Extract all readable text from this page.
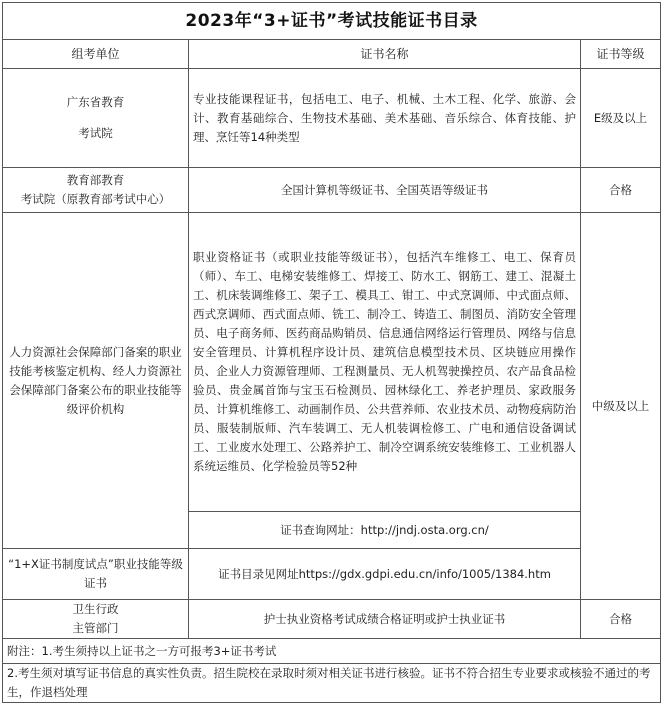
2023年“3+证书”考试技能证书目录		
组考单位	证书名称	证书等级

广东省教育
考试院	专业技能课程证书，包括电工、电子、机械、土木工程、化学、旅游、会计、教育基础综合、生物技术基础、美术基础、音乐综合、体育技能、护理、烹饪等14种类型	E级及以上

教育部教育
考试院（原教育部考试中心）	全国计算机等级证书、全国英语等级证书	合格
人力资源社会保障部门备案的职业技能考核鉴定机构、经人力资源社会保障部门备案公布的职业技能等级评价机构	职业资格证书（或职业技能等级证书），包括汽车维修工、电工、保育员（师）、车工、电梯安装维修工、焊接工、防水工、钢筋工、建工、混凝土工、机床装调维修工、架子工、模具工、钳工、中式烹调师、中式面点师、西式烹调师、西式面点师、铣工、制冷工、铸造工、制图员、消防安全管理员、电子商务师、医药商品购销员、信息通信网络运行管理员、网络与信息安全管理员、计算机程序设计员、建筑信息模型技术员、区块链应用操作员、企业人力资源管理师、工程测量员、无人机驾驶操控员、农产品食品检验员、贵金属首饰与宝玉石检测员、园林绿化工、养老护理员、家政服务员、计算机维修工、动画制作员、公共营养师、农业技术员、动物疫病防治员、服装制版师、汽车装调工、无人机装调检修工、广电和通信设备调试工、工业废水处理工、公路养护工、制冷空调系统安装维修工、工业机器人系统运维员、化学检验员等52种	中级及以上
	证书查询网址：http://jndj.osta.org.cn/	
“1+X证书制度试点”职业技能等级证书	证书目录见网址https://gdx.gdpi.edu.cn/info/1005/1384.htm	

卫生行政
主管部门	护士执业资格考试成绩合格证明或护士执业证书	合格
附注：1.考生须持以上证书之一方可报考3+证书考试		
2.考生须对填写证书信息的真实性负责。招生院校在录取时须对相关证书进行核验。证书不符合招生专业要求或核验不通过的考生，作退档处理		
